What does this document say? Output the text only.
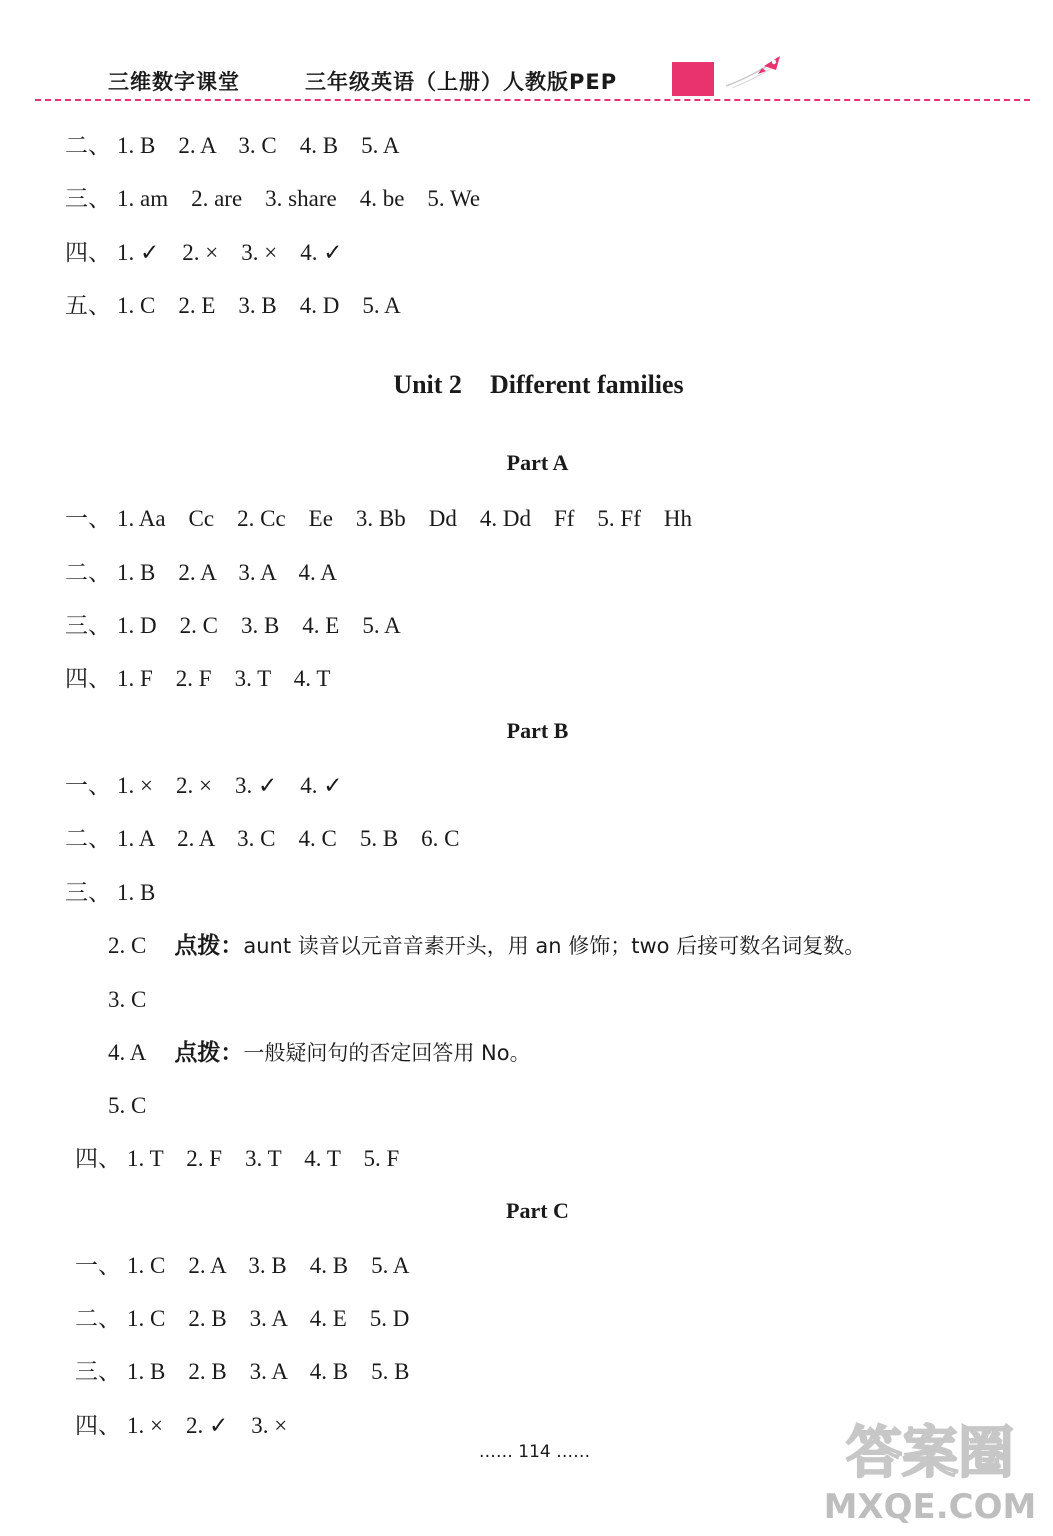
三维数字课堂	三年级英语（上册）人教版PEP
二、 1. B    2. A    3. C    4. B    5. A
三、 1. am    2. are    3. share    4. be    5. We
四、 1. ✓    2. ×    3. ×    4. ✓
五、 1. C    2. E    3. B    4. D    5. A
Unit 2 Different families
Part A
一、 1. Aa    Cc    2. Cc    Ee    3. Bb    Dd    4. Dd    Ff    5. Ff    Hh
二、 1. B    2. A    3. A    4. A
三、 1. D    2. C    3. B    4. E    5. A
四、 1. F    2. F    3. T    4. T
Part B
一、 1. ×    2. ×    3. ✓    4. ✓
二、 1. A    2. A    3. C    4. C    5. B    6. C
三、 1. B
2. C 点拨：aunt 读音以元音音素开头，用 an 修饰；two 后接可数名词复数。
3. C
4. A 点拨：一般疑问句的否定回答用 No。
5. C
四、 1. T    2. F    3. T    4. T    5. F
Part C
一、 1. C    2. A    3. B    4. B    5. A
二、 1. C    2. B    3. A    4. E    5. D
三、 1. B    2. B    3. A    4. B    5. B
四、 1. ×    2. ✓    3. ×
…… 114 ……	答案圈
MXQE.COM
